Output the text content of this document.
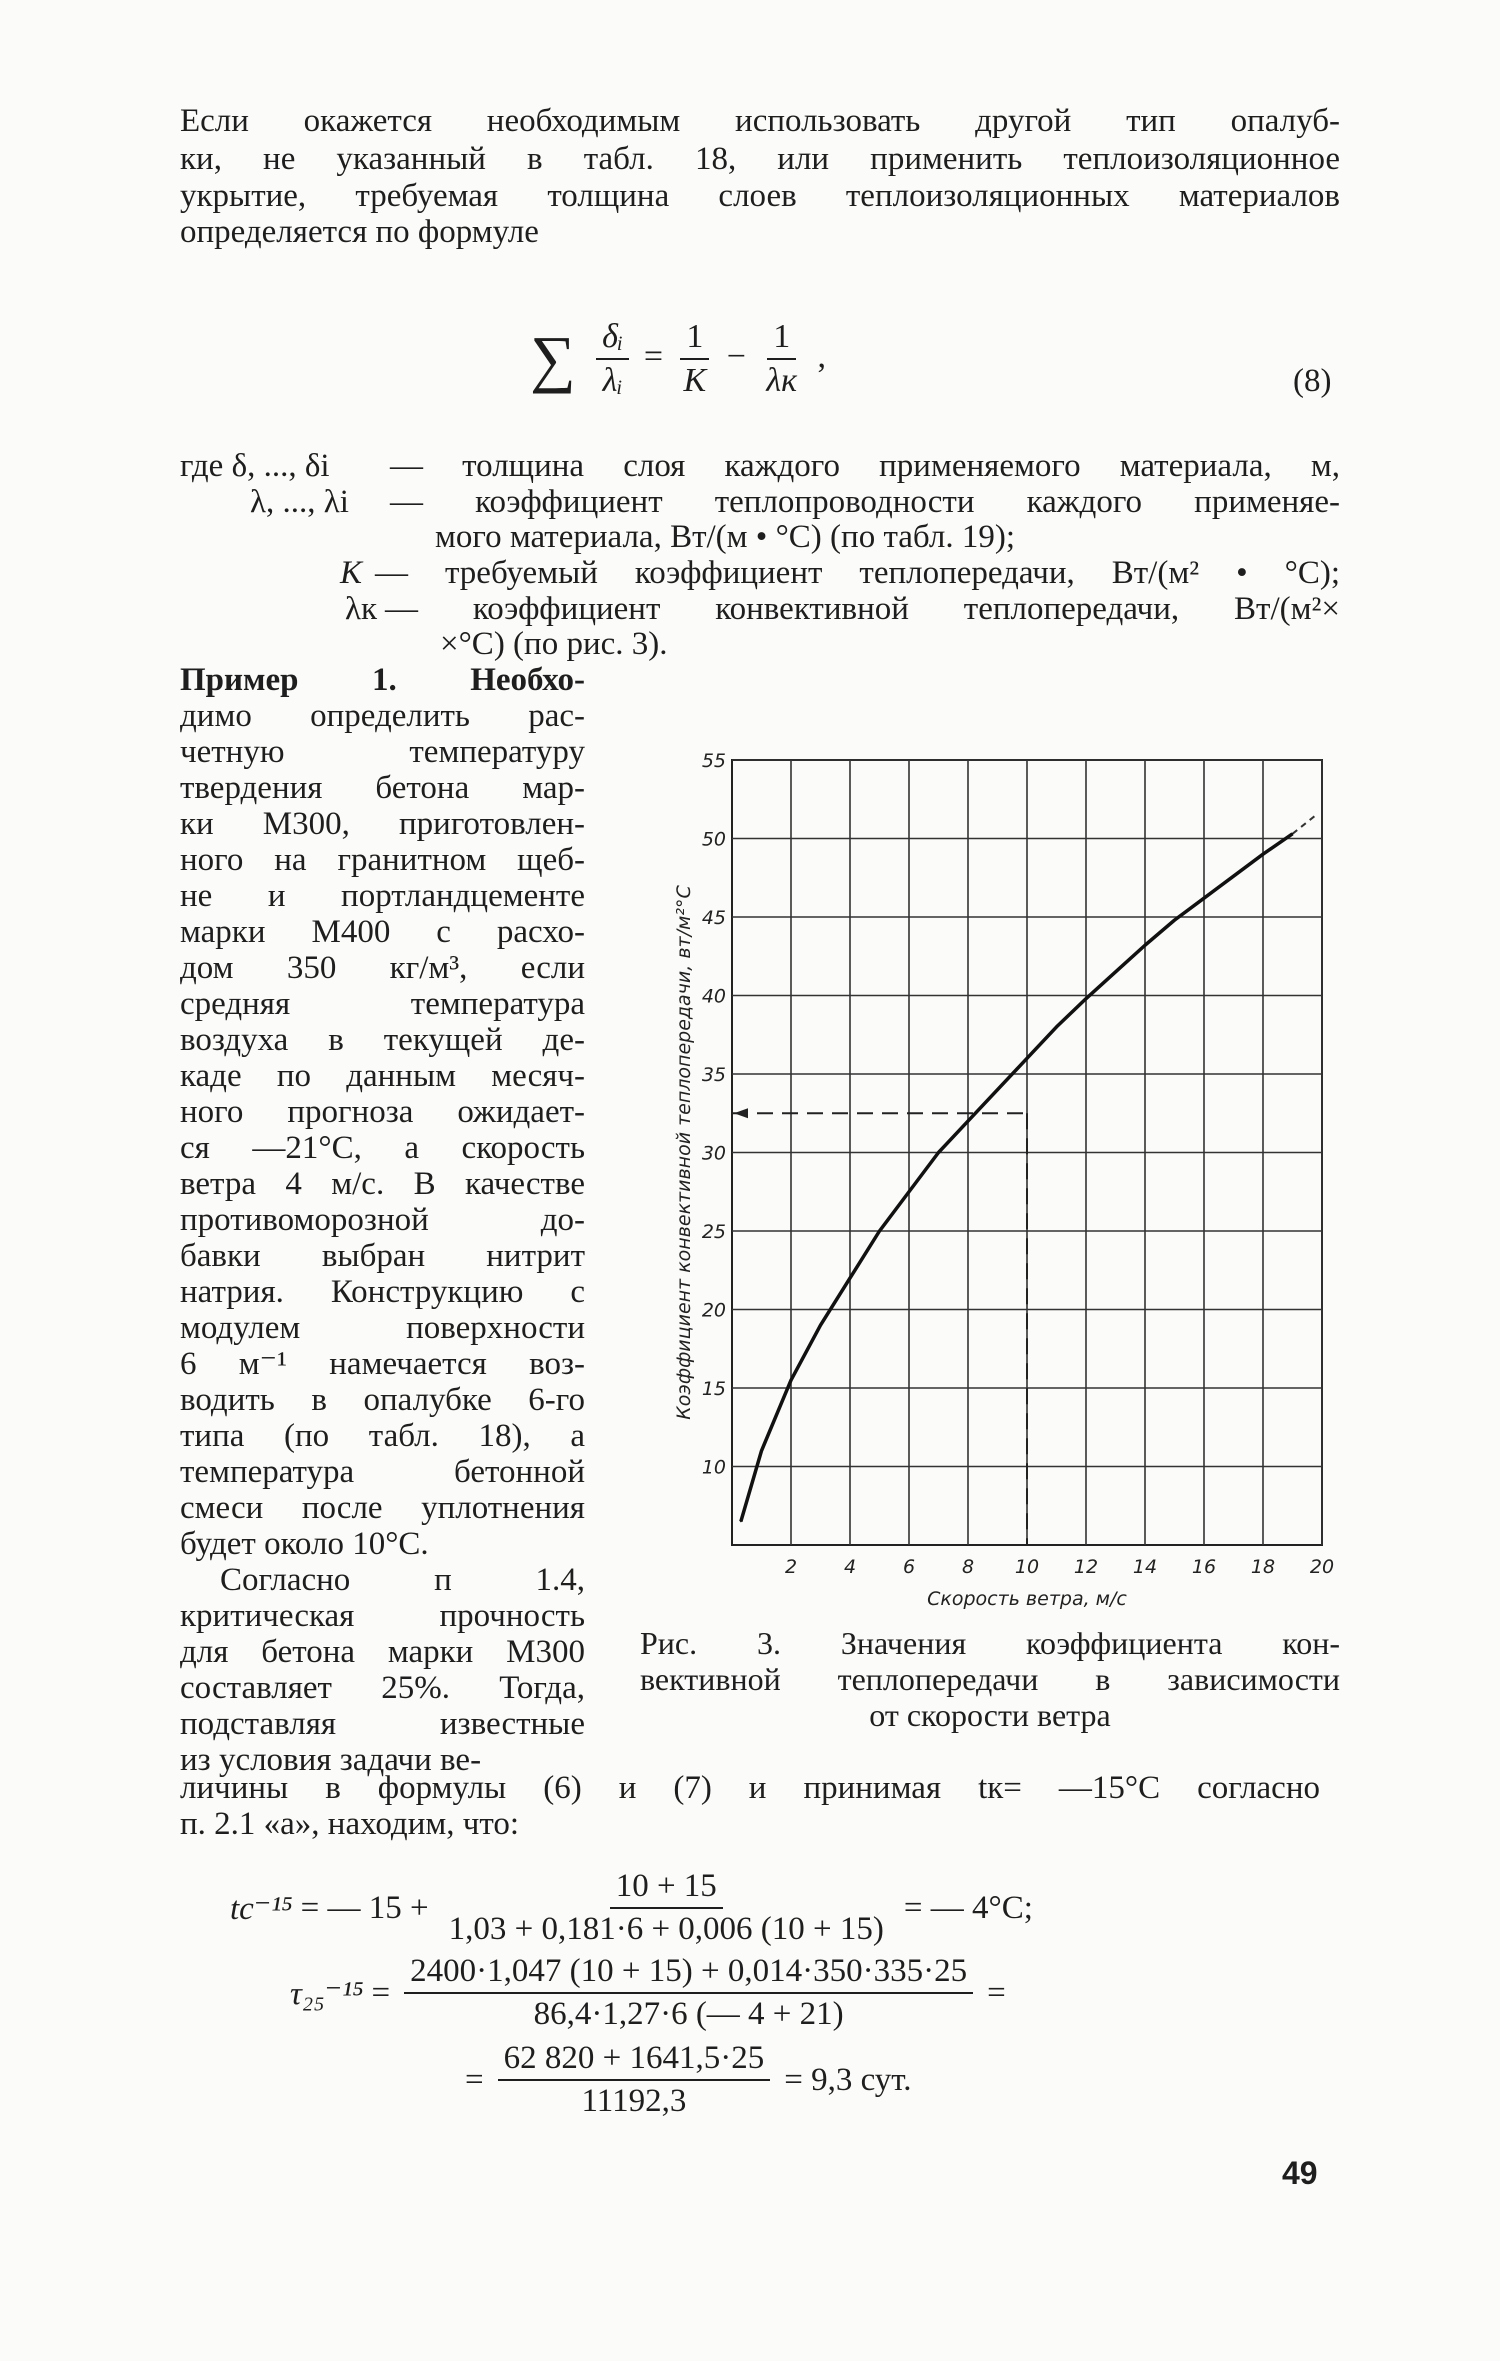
Если окажется необходимым использовать другой тип опалуб-
ки, не указанный в табл. 18, или применить теплоизоляционное
укрытие, требуемая толщина слоев теплоизоляционных материалов
определяется по формуле
∑ $\frac{\text{δᵢ}}{\text{λᵢ}} = \frac{1}{K} - \frac{1}{\lambda к}$ ,
(8)
где δ, ..., δi — толщина слоя каждого применяемого материала, м,
λ, ..., λi — коэффициент теплопроводности каждого применяе-
мого материала, Вт/(м • °С) (по табл. 19);
K — требуемый коэффициент теплопередачи, Вт/(м² • °С);
λк — коэффициент конвективной теплопередачи, Вт/(м²×
×°С) (по рис. 3).
Пример 1. Необхо-
димо определить рас-
четную температуру
твердения бетона мар-
ки М300, приготовлен-
ного на гранитном щеб-
не и портландцементе
марки М400 с расхо-
дом 350 кг/м³, если
средняя температура
воздуха в текущей де-
каде по данным месяч-
ного прогноза ожидает-
ся —21°С, а скорость
ветра 4 м/с. В качестве
противоморозной до-
бавки выбран нитрит
натрия. Конструкцию с
модулем поверхности
6 м⁻¹ намечается воз-
водить в опалубке 6-го
типа (по табл. 18), а
температура бетонной
смеси после уплотнения
будет около 10°С.
Согласно п 1.4,
критическая прочность
для бетона марки М300
составляет 25%. Тогда,
подставляя известные
из условия задачи ве-
личины в формулы (6) и (7) и принимая tк= —15°С согласно
п. 2.1 «а», находим, что:
2 4 6 8 10 12 14 16 18 20
10
15
20
25
30
35
40
45
50
55
Скорость ветра, м/с
Коэффициент конвективной теплопередачи, вт/м²°С
Рис. 3. Значения коэффициента кон-
вективной теплопередачи в зависимости
от скорости ветра
tс⁻¹⁵ = — $15 + \frac{10 + 15}{1,03 + 0,181\cdot 6 + 0,006 (10 + 15)}$ = — 4°С;
$\tau_{25}^{-15} = \frac{2400\cdot 1,047 (10 + 15) + 0,014\cdot 350\cdot 335\cdot 25}{86,4\cdot 1,27\cdot 6 (— 4 + 21)}$ =
= $\frac{62 820 + 1641,5\cdot 25}{11192,3} = 9,3$ сут.
49
